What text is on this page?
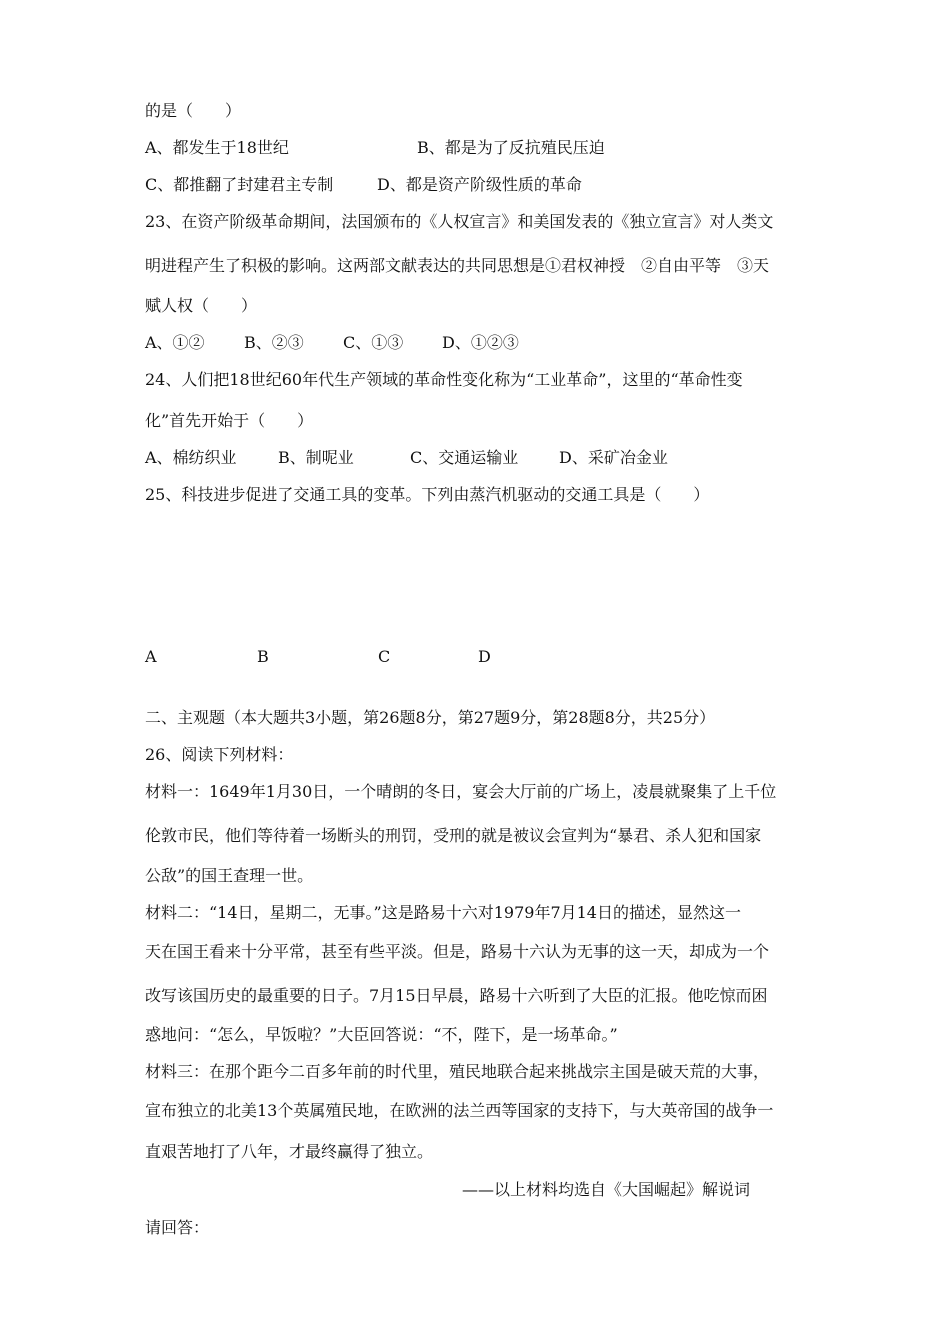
的是（　　）
A、都发生于18世纪	B、都是为了反抗殖民压迫
C、都推翻了封建君主专制	D、都是资产阶级性质的革命
23、在资产阶级革命期间，法国颁布的《人权宣言》和美国发表的《独立宣言》对人类文
明进程产生了积极的影响。这两部文献表达的共同思想是①君权神授　②自由平等　③天
赋人权（　　）
A、①② B、②③ C、①③ D、①②③
24、人们把18世纪60年代生产领域的革命性变化称为“工业革命”，这里的“革命性变
化”首先开始于（　　）
A、棉纺织业	B、制呢业	C、交通运输业	D、采矿冶金业
25、科技进步促进了交通工具的变革。下列由蒸汽机驱动的交通工具是（　　）
A	B	C	D
二、主观题（本大题共3小题，第26题8分，第27题9分，第28题8分，共25分）
26、阅读下列材料：
材料一：1649年1月30日，一个晴朗的冬日，宴会大厅前的广场上，凌晨就聚集了上千位
伦敦市民，他们等待着一场断头的刑罚，受刑的就是被议会宣判为“暴君、杀人犯和国家
公敌”的国王查理一世。
材料二：“14日，星期二，无事。”这是路易十六对1979年7月14日的描述，显然这一
天在国王看来十分平常，甚至有些平淡。但是，路易十六认为无事的这一天，却成为一个
改写该国历史的最重要的日子。7月15日早晨，路易十六听到了大臣的汇报。他吃惊而困
惑地问：“怎么，早饭啦？”大臣回答说：“不，陛下，是一场革命。”
材料三：在那个距今二百多年前的时代里，殖民地联合起来挑战宗主国是破天荒的大事，
宣布独立的北美13个英属殖民地，在欧洲的法兰西等国家的支持下，与大英帝国的战争一
直艰苦地打了八年，才最终赢得了独立。
——以上材料均选自《大国崛起》解说词
请回答：
